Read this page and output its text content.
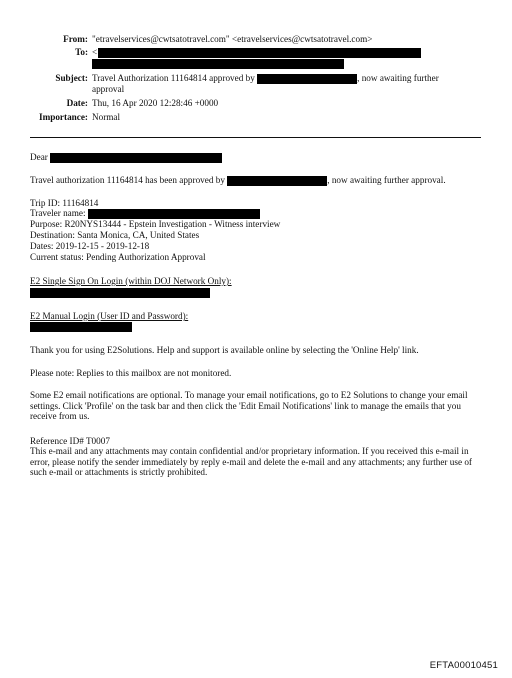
From: "etravelservices@cwtsatotravel.com" <etravelservices@cwtsatotravel.com>
To: <
Subject: Travel Authorization 11164814 approved by	, now awaiting further
approval
Date: Thu, 16 Apr 2020 12:28:46 +0000
Importance: Normal
Dear
Travel authorization 11164814 has been approved by	, now awaiting further approval.
Trip ID: 11164814
Traveler name:
Purpose: R20NYS13444 - Epstein Investigation - Witness interview
Destination: Santa Monica, CA, United States
Dates: 2019-12-15 - 2019-12-18
Current status: Pending Authorization Approval
E2 Single Sign On Login (within DOJ Network Only):
E2 Manual Login (User ID and Password):
Thank you for using E2Solutions. Help and support is available online by selecting the 'Online Help' link.
Please note: Replies to this mailbox are not monitored.
Some E2 email notifications are optional. To manage your email notifications, go to E2 Solutions to change your email settings. Click 'Profile' on the task bar and then click the 'Edit Email Notifications' link to manage the emails that you receive from us.
Reference ID# T0007
This e-mail and any attachments may contain confidential and/or proprietary information. If you received this e-mail in error, please notify the sender immediately by reply e-mail and delete the e-mail and any attachments; any further use of such e-mail or attachments is strictly prohibited.
EFTA00010451
